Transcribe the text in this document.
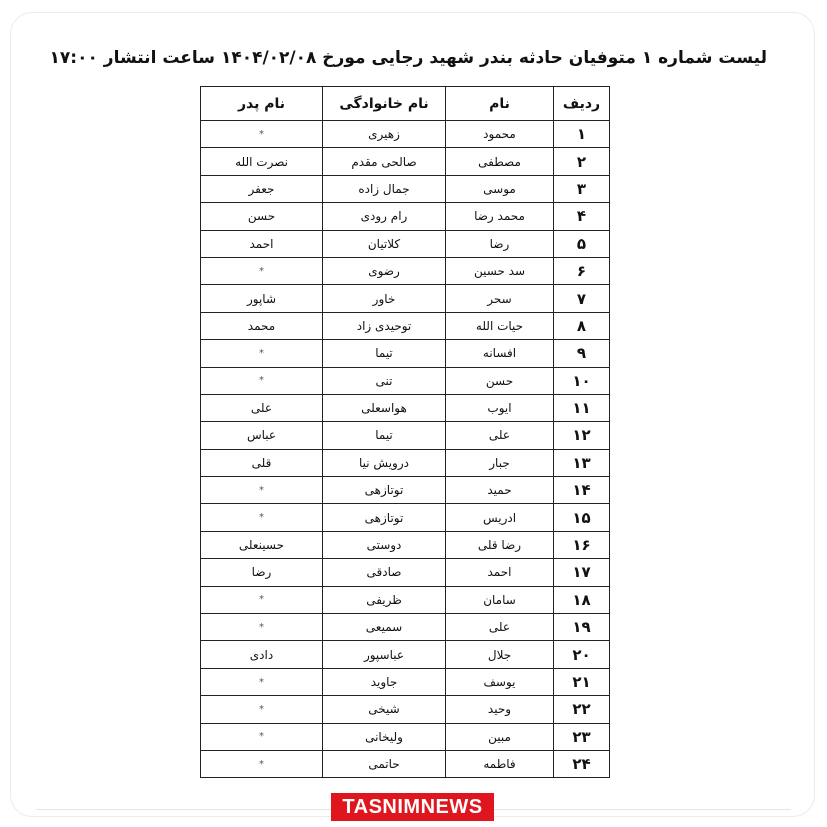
لیست شماره ۱ متوفیان حادثه بندر شهید رجایی مورخ ۱۴۰۴/۰۲/۰۸ ساعت انتشار ۱۷:۰۰
ردیف	نام	نام خانوادگی	نام پدر
۱	محمود	زهیری	*
۲	مصطفی	صالحی مقدم	نصرت الله
۳	موسی	جمال زاده	جعفر
۴	محمد رضا	رام رودی	حسن
۵	رضا	کلاتیان	احمد
۶	سد حسین	رضوی	*
۷	سحر	خاور	شاپور
۸	حیات الله	توحیدی زاد	محمد
۹	افسانه	تیما	*
۱۰	حسن	تنی	*
۱۱	ایوب	هواسعلی	علی
۱۲	علی	تیما	عباس
۱۳	جبار	درویش نیا	قلی
۱۴	حمید	توتازهی	*
۱۵	ادریس	توتازهی	*
۱۶	رضا قلی	دوستی	حسینعلی
۱۷	احمد	صادقی	رضا
۱۸	سامان	ظریفی	*
۱۹	علی	سمیعی	*
۲۰	جلال	عباسپور	دادی
۲۱	یوسف	جاوید	*
۲۲	وحید	شیخی	*
۲۳	مبین	ولیخانی	*
۲۴	فاطمه	حاتمی	*
TASNIMNEWS
